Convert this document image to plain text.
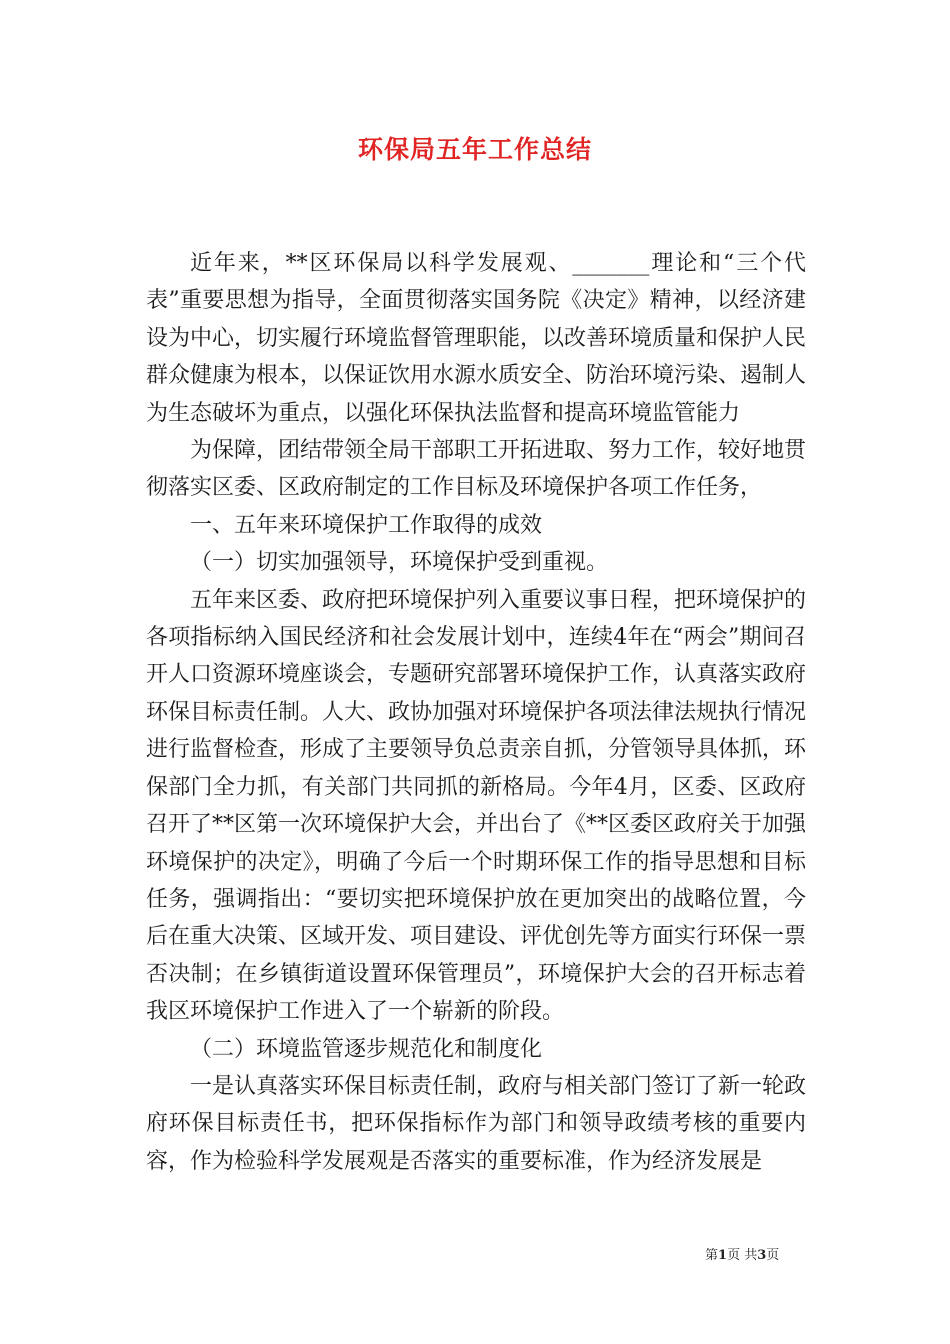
环保局五年工作总结

近年来，**区环保局以科学发展观、_______理论和“三个代表”重要思想为指导，全面贯彻落实国务院《决定》精神，以经济建设为中心，切实履行环境监督管理职能，以改善环境质量和保护人民群众健康为根本，以保证饮用水源水质安全、防治环境污染、遏制人为生态破坏为重点，以强化环保执法监督和提高环境监管能力

为保障，团结带领全局干部职工开拓进取、努力工作，较好地贯彻落实区委、区政府制定的工作目标及环境保护各项工作任务，

一、五年来环境保护工作取得的成效

（一）切实加强领导，环境保护受到重视。

五年来区委、政府把环境保护列入重要议事日程，把环境保护的各项指标纳入国民经济和社会发展计划中，连续4年在“两会”期间召开人口资源环境座谈会，专题研究部署环境保护工作，认真落实政府环保目标责任制。人大、政协加强对环境保护各项法律法规执行情况进行监督检查，形成了主要领导负总责亲自抓，分管领导具体抓，环保部门全力抓，有关部门共同抓的新格局。今年4月，区委、区政府召开了**区第一次环境保护大会，并出台了《**区委区政府关于加强环境保护的决定》，明确了今后一个时期环保工作的指导思想和目标任务，强调指出：“要切实把环境保护放在更加突出的战略位置，今后在重大决策、区域开发、项目建设、评优创先等方面实行环保一票否决制；在乡镇街道设置环保管理员”，环境保护大会的召开标志着我区环境保护工作进入了一个崭新的阶段。

（二）环境监管逐步规范化和制度化

一是认真落实环保目标责任制，政府与相关部门签订了新一轮政府环保目标责任书，把环保指标作为部门和领导政绩考核的重要内容，作为检验科学发展观是否落实的重要标准，作为经济发展是

第1页 共3页
